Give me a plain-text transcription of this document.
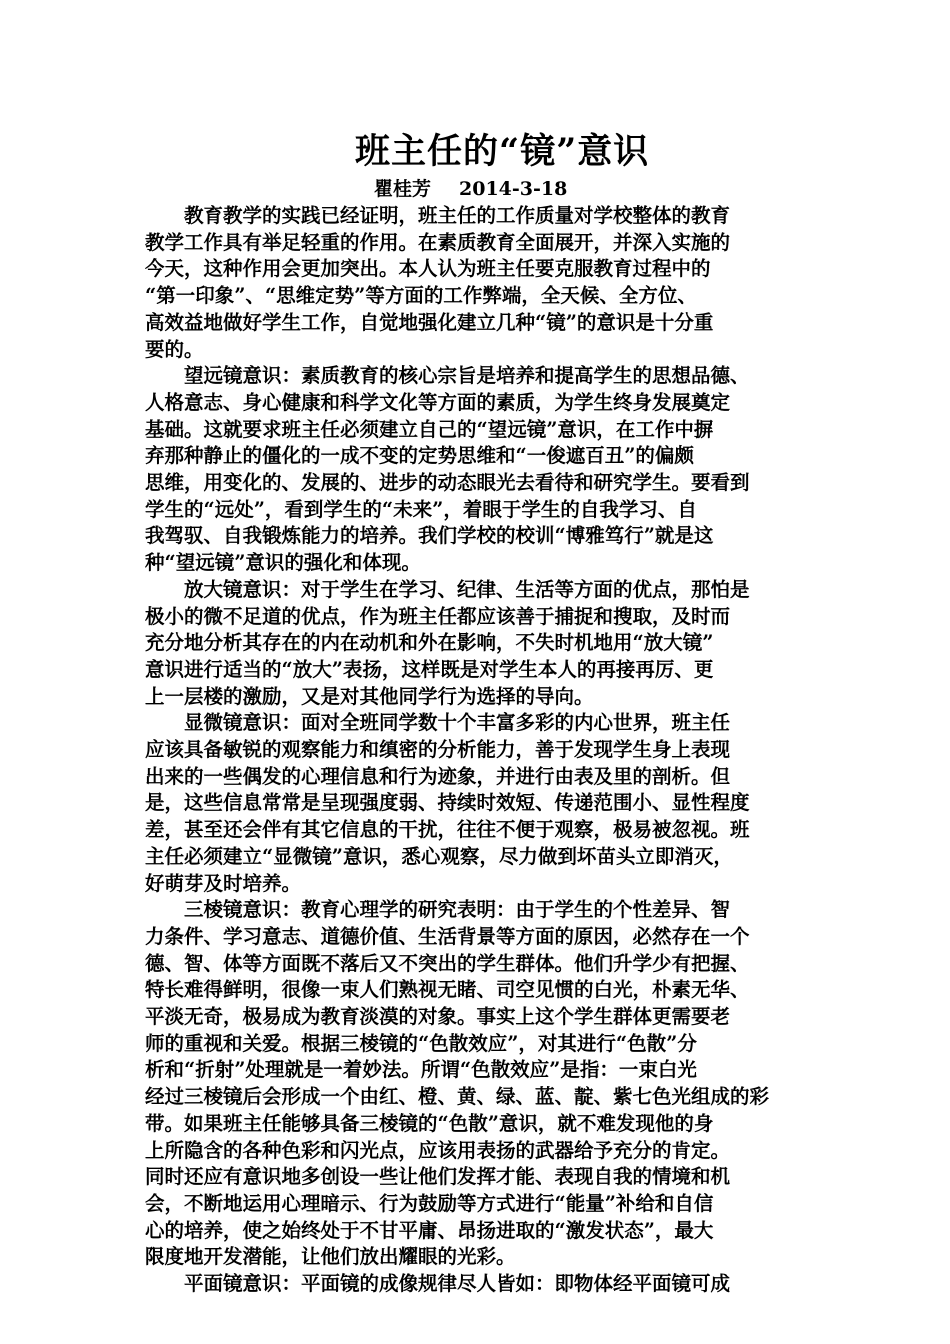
班主任的“镜”意识
瞿桂芳 2014-3-18
　　教育教学的实践已经证明，班主任的工作质量对学校整体的教育
教学工作具有举足轻重的作用。在素质教育全面展开，并深入实施的
今天，这种作用会更加突出。本人认为班主任要克服教育过程中的
“第一印象”、“思维定势”等方面的工作弊端，全天候、全方位、
高效益地做好学生工作，自觉地强化建立几种“镜”的意识是十分重
要的。
　　望远镜意识：素质教育的核心宗旨是培养和提高学生的思想品德、
人格意志、身心健康和科学文化等方面的素质，为学生终身发展奠定
基础。这就要求班主任必须建立自己的“望远镜”意识，在工作中摒
弃那种静止的僵化的一成不变的定势思维和“一俊遮百丑”的偏颇
思维，用变化的、发展的、进步的动态眼光去看待和研究学生。要看到
学生的“远处”，看到学生的“未来”，着眼于学生的自我学习、自
我驾驭、自我锻炼能力的培养。我们学校的校训“博雅笃行”就是这
种“望远镜”意识的强化和体现。
　　放大镜意识：对于学生在学习、纪律、生活等方面的优点，那怕是
极小的微不足道的优点，作为班主任都应该善于捕捉和搜取，及时而
充分地分析其存在的内在动机和外在影响，不失时机地用“放大镜”
意识进行适当的“放大”表扬，这样既是对学生本人的再接再厉、更
上一层楼的激励，又是对其他同学行为选择的导向。
　　显微镜意识：面对全班同学数十个丰富多彩的内心世界，班主任
应该具备敏锐的观察能力和缜密的分析能力，善于发现学生身上表现
出来的一些偶发的心理信息和行为迹象，并进行由表及里的剖析。但
是，这些信息常常是呈现强度弱、持续时效短、传递范围小、显性程度
差，甚至还会伴有其它信息的干扰，往往不便于观察，极易被忽视。班
主任必须建立“显微镜”意识，悉心观察，尽力做到坏苗头立即消灭，
好萌芽及时培养。
　　三棱镜意识：教育心理学的研究表明：由于学生的个性差异、智
力条件、学习意志、道德价值、生活背景等方面的原因，必然存在一个
德、智、体等方面既不落后又不突出的学生群体。他们升学少有把握、
特长难得鲜明，很像一束人们熟视无睹、司空见惯的白光，朴素无华、
平淡无奇，极易成为教育淡漠的对象。事实上这个学生群体更需要老
师的重视和关爱。根据三棱镜的“色散效应”，对其进行“色散”分
析和“折射”处理就是一着妙法。所谓“色散效应”是指：一束白光
经过三棱镜后会形成一个由红、橙、黄、绿、蓝、靛、紫七色光组成的彩
带。如果班主任能够具备三棱镜的“色散”意识，就不难发现他的身
上所隐含的各种色彩和闪光点，应该用表扬的武器给予充分的肯定。
同时还应有意识地多创设一些让他们发挥才能、表现自我的情境和机
会，不断地运用心理暗示、行为鼓励等方式进行“能量”补给和自信
心的培养，使之始终处于不甘平庸、昂扬进取的“激发状态”，最大
限度地开发潜能，让他们放出耀眼的光彩。
　　平面镜意识：平面镜的成像规律尽人皆如：即物体经平面镜可成
